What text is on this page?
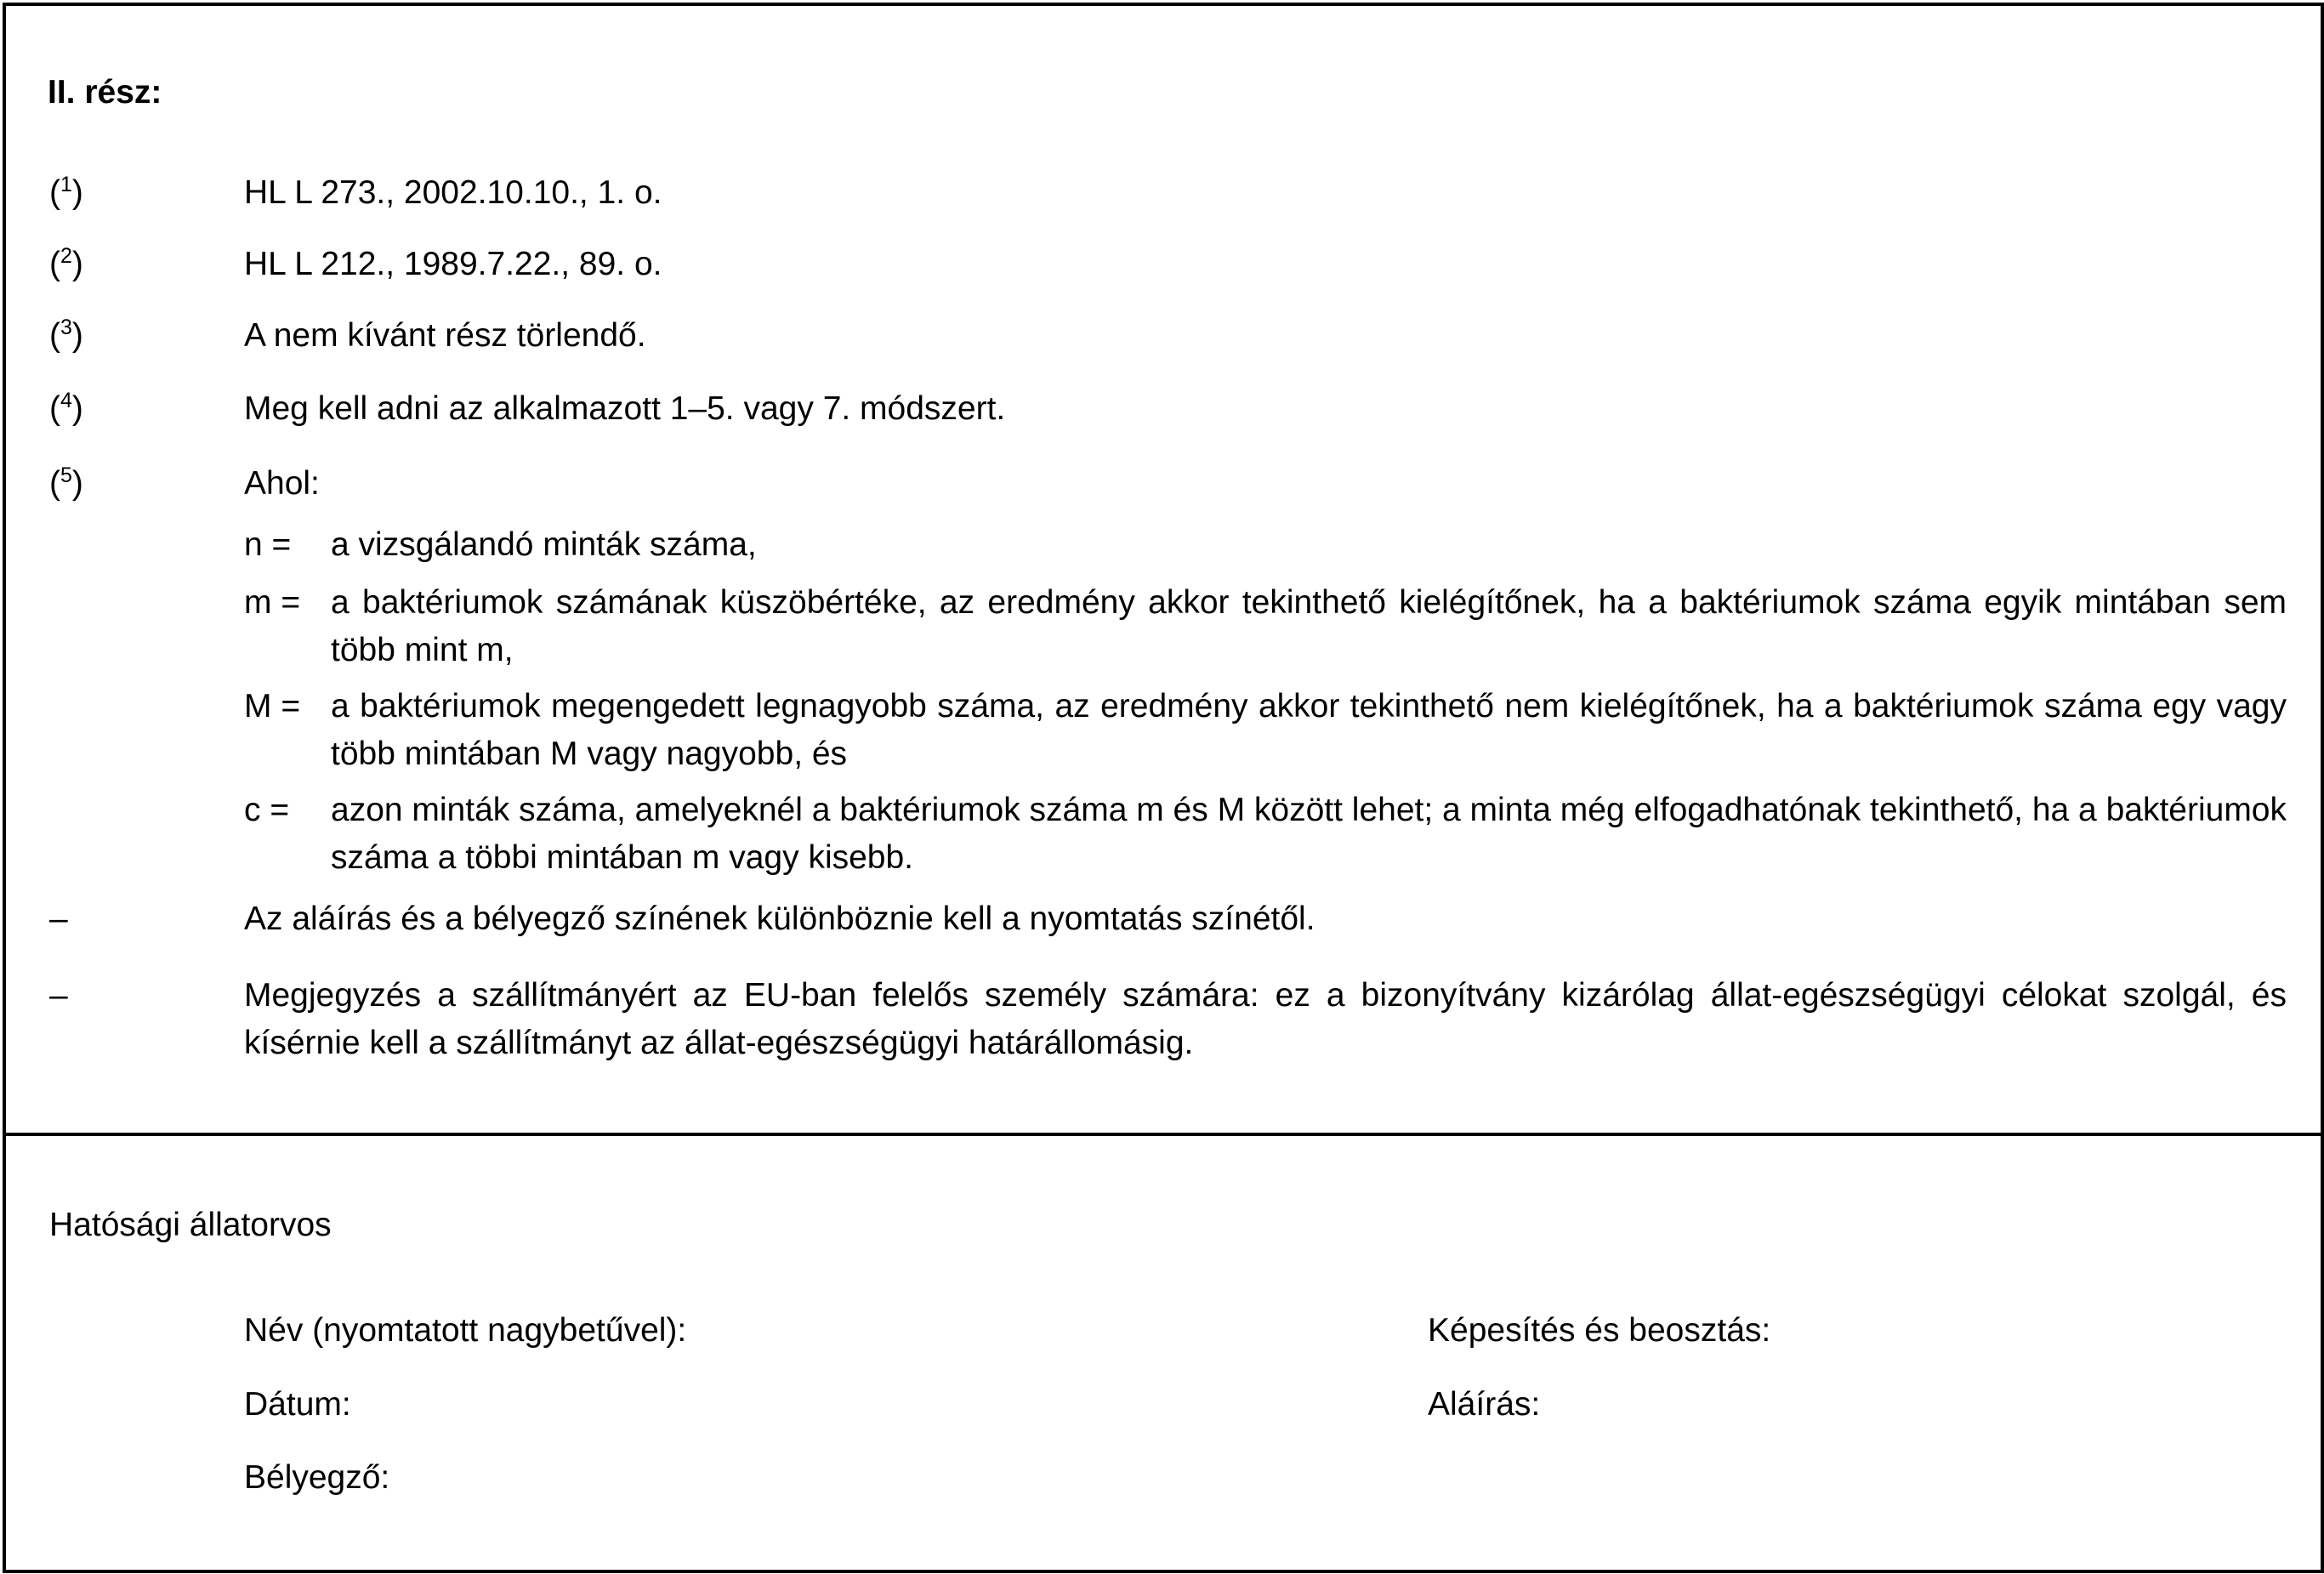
II. rész:
($^1$)	HL L 273., 2002.10.10., 1. o.
($^2$)	HL L 212., 1989.7.22., 89. o.
($^3$)	A nem kívánt rész törlendő.
($^4$)	Meg kell adni az alkalmazott 1–5. vagy 7. módszert.
($^5$)	Ahol:
n = a vizsgálandó minták száma,
m = a baktériumok számának küszöbértéke, az eredmény akkor tekinthető kielégítőnek, ha a baktériumok száma egyik mintában sem több mint m,
M = a baktériumok megengedett legnagyobb száma, az eredmény akkor tekinthető nem kielégítőnek, ha a baktériumok száma egy vagy több mintában M vagy nagyobb, és
c = azon minták száma, amelyeknél a baktériumok száma m és M között lehet; a minta még elfogadhatónak tekinthető, ha a baktériumok száma a többi mintában m vagy kisebb.
–	Az aláírás és a bélyegző színének különböznie kell a nyomtatás színétől.
–	Megjegyzés a szállítmányért az EU-ban felelős személy számára: ez a bizonyítvány kizárólag állat-egészségügyi célokat szolgál, és kísérnie kell a szállítmányt az állat-egészségügyi határállomásig.
Hatósági állatorvos
Név (nyomtatott nagybetűvel):	Képesítés és beosztás:
Dátum:	Aláírás:
Bélyegző:
